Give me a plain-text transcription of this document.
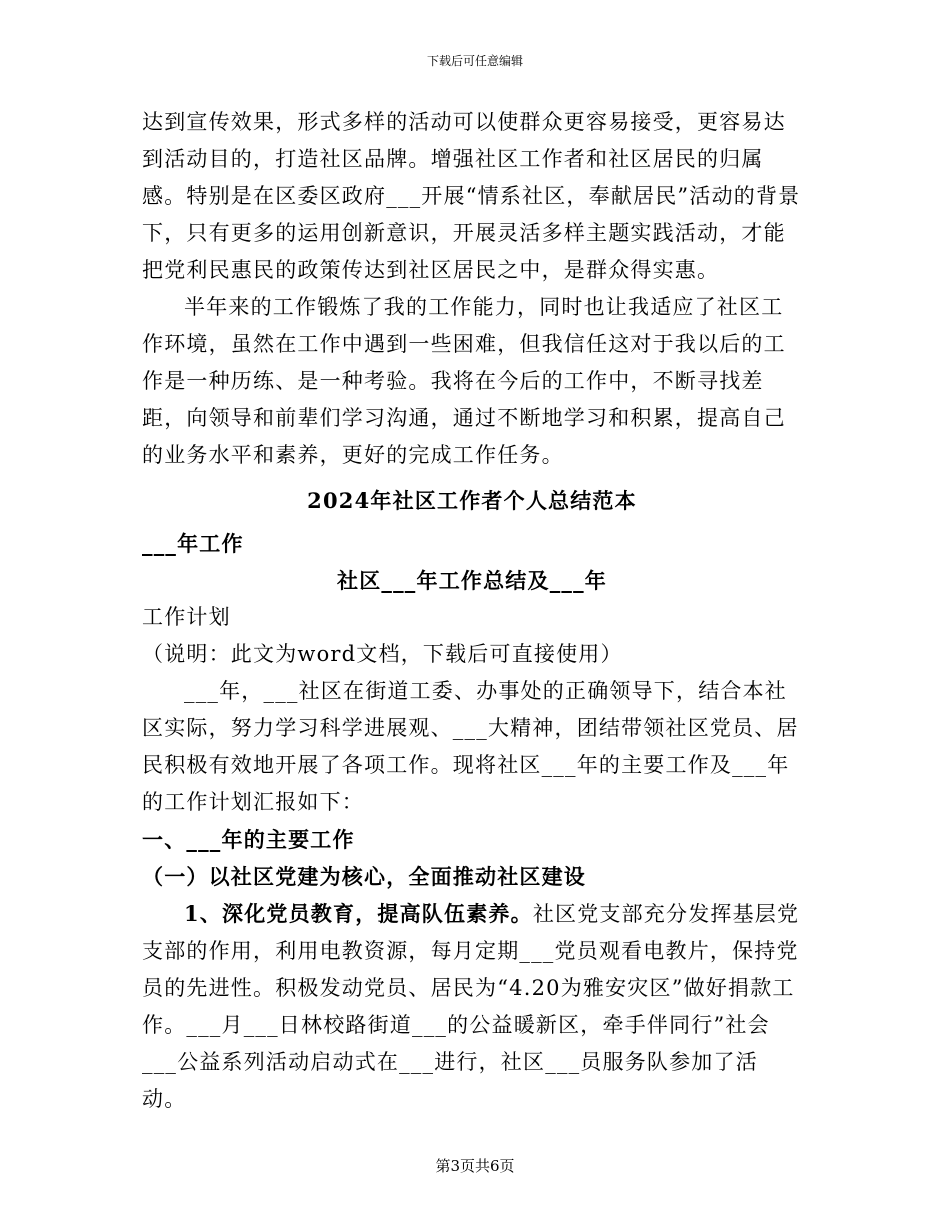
下载后可任意编辑

达到宣传效果，形式多样的活动可以使群众更容易接受，更容易达到活动目的，打造社区品牌。增强社区工作者和社区居民的归属感。特别是在区委区政府___开展“情系社区，奉献居民”活动的背景下，只有更多的运用创新意识，开展灵活多样主题实践活动，才能把党利民惠民的政策传达到社区居民之中，是群众得实惠。

半年来的工作锻炼了我的工作能力，同时也让我适应了社区工作环境，虽然在工作中遇到一些困难，但我信任这对于我以后的工作是一种历练、是一种考验。我将在今后的工作中，不断寻找差距，向领导和前辈们学习沟通，通过不断地学习和积累，提高自己的业务水平和素养，更好的完成工作任务。

2024年社区工作者个人总结范本

___年工作

社区___年工作总结及___年

工作计划

（说明：此文为word文档，下载后可直接使用）

___年，___社区在街道工委、办事处的正确领导下，结合本社区实际，努力学习科学进展观、___大精神，团结带领社区党员、居民积极有效地开展了各项工作。现将社区___年的主要工作及___年的工作计划汇报如下：

一、___年的主要工作

（一）以社区党建为核心，全面推动社区建设

1、深化党员教育，提高队伍素养。社区党支部充分发挥基层党支部的作用，利用电教资源，每月定期___党员观看电教片，保持党员的先进性。积极发动党员、居民为“4.20为雅安灾区”做好捐款工作。___月___日林校路街道___的公益暖新区，牵手伴同行”社会___公益系列活动启动式在___进行，社区___员服务队参加了活动。

第3页共6页
